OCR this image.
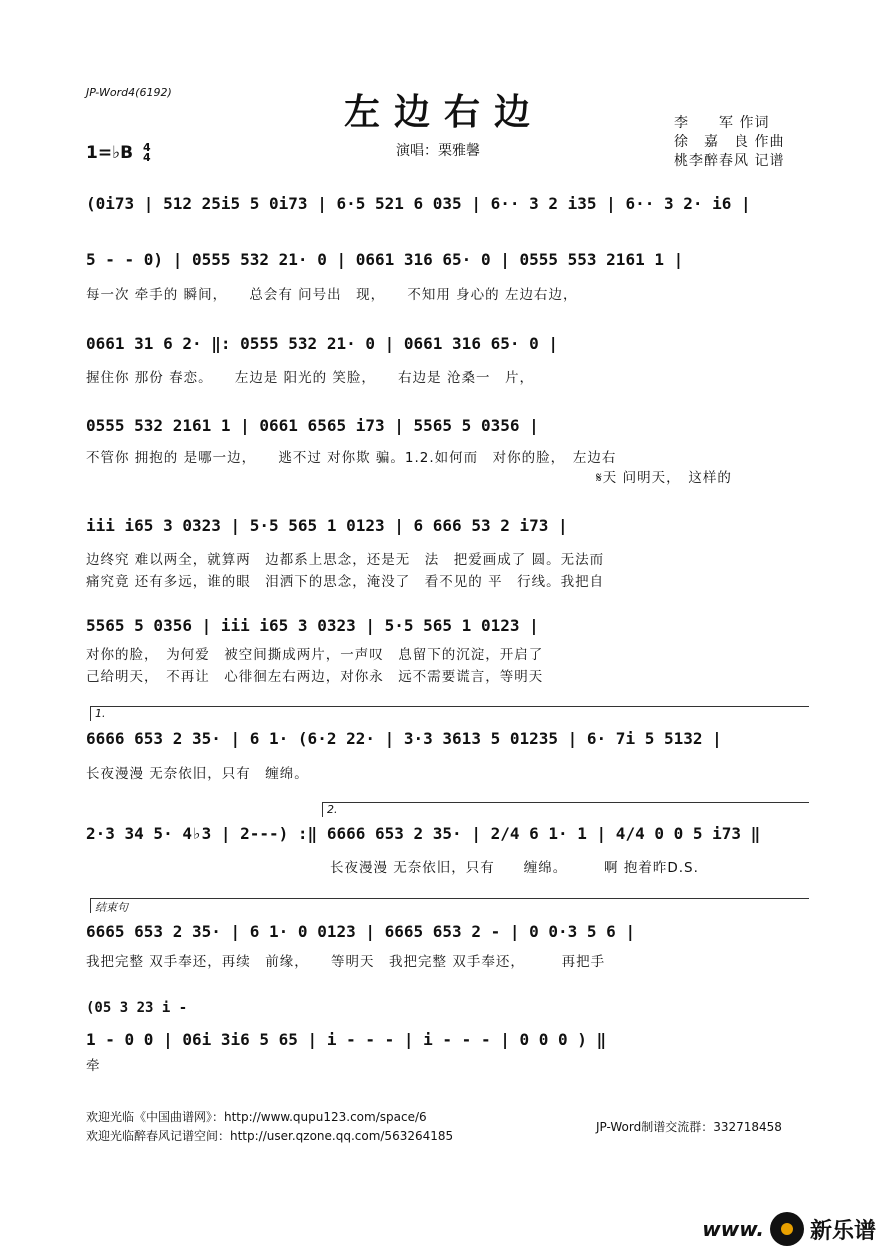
JP-Word4(6192)	左边右边	李　　军 作词
徐　嘉　良 作曲
桃李醉春风 记谱
1=♭B 4
4	演唱：栗雅馨
(0i73 | 512 25i5 5 0i73 | 6·5 521 6 035 | 6·· 3 2 i35 | 6·· 3 2· i6 |
5 - - 0) | 0555 532 21· 0 | 0661 316 65· 0 | 0555 553 2161 1 |
每一次 牵手的 瞬间，　　总会有 问号出　现，　　不知用 身心的 左边右边，
0661 31 6 2· ‖: 0555 532 21· 0 | 0661 316 65· 0 |
握住你 那份 春恋。　　左边是 阳光的 笑脸，　　右边是 沧桑一　片，
0555 532 2161 1 | 0661 6565 i73 | 5565 5 0356 |
不管你 拥抱的 是哪一边，　　逃不过 对你欺 骗。1.2.如何而　对你的脸，　左边右
𝄋天 问明天，　这样的
iii i65 3 0323 | 5·5 565 1 0123 | 6 666 53 2 i73 |
边终究 难以两全，就算两　边都系上思念，还是无　法　把爱画成了 圆。无法而
痛究竟 还有多远，谁的眼　泪洒下的思念，淹没了　看不见的 平　行线。我把自
5565 5 0356 | iii i65 3 0323 | 5·5 565 1 0123 |
对你的脸，　为何爱　被空间撕成两片，一声叹　息留下的沉淀，开启了
己给明天，　不再让　心徘徊左右两边，对你永　远不需要谎言，等明天
1.
6666 653 2 35· | 6 1· (6·2 22· | 3·3 3613 5 01235 | 6· 7i 5 5132 |
长夜漫漫 无奈依旧，只有　缠绵。
2.
2·3 34 5· 4♭3 | 2---) :‖ 6666 653 2 35· | 2/4 6 1· 1 | 4/4 0 0 5 i73 ‖
长夜漫漫 无奈依旧，只有　　缠绵。　　　啊 抱着昨D.S.
结束句
6665 653 2 35· | 6 1· 0 0123 | 6665 653 2 - | 0 0·3 5 6 |
我把完整 双手奉还，再续　前缘，　　等明天　我把完整 双手奉还，　　　再把手
(05 3 23 i -
1 - 0 0 | 06i 3i6 5 65 | i - - - | i - - - | 0 0 0 ) ‖
牵
欢迎光临《中国曲谱网》：http://www.qupu123.com/space/6
欢迎光临醉春风记谱空间：http://user.qzone.qq.com/563264185
JP-Word制谱交流群：332718458
www. 新乐谱
